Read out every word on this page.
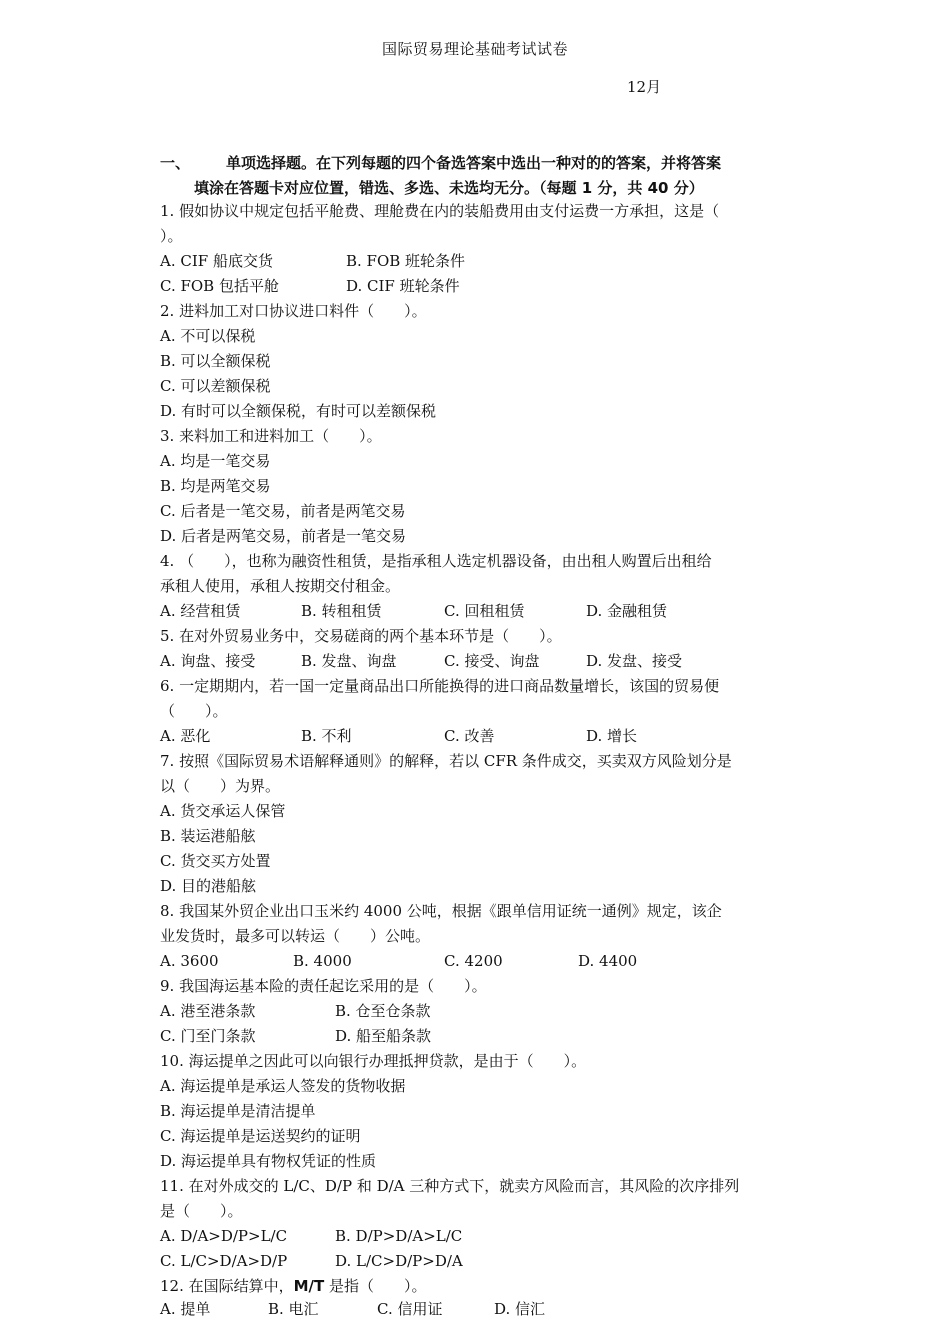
国际贸易理论基础考试试卷
12月
一、 单项选择题。在下列每题的四个备选答案中选出一种对的的答案，并将答案
填涂在答题卡对应位置，错选、多选、未选均无分。（每题 1 分，共 40 分）
1. 假如协议中规定包括平舱费、理舱费在内的装船费用由支付运费一方承担，这是（
）。
A. CIF 船底交货	B. FOB 班轮条件
C. FOB 包括平舱	D. CIF 班轮条件
2. 进料加工对口协议进口料件（　　）。
A. 不可以保税
B. 可以全额保税
C. 可以差额保税
D. 有时可以全额保税，有时可以差额保税
3. 来料加工和进料加工（　　）。
A. 均是一笔交易
B. 均是两笔交易
C. 后者是一笔交易，前者是两笔交易
D. 后者是两笔交易，前者是一笔交易
4. （　　），也称为融资性租赁，是指承租人选定机器设备，由出租人购置后出租给
承租人使用，承租人按期交付租金。
A. 经营租赁	B. 转租租赁	C. 回租租赁	D. 金融租赁
5. 在对外贸易业务中，交易磋商的两个基本环节是（　　）。
A. 询盘、接受	B. 发盘、询盘	C. 接受、询盘	D. 发盘、接受
6. 一定期期内，若一国一定量商品出口所能换得的进口商品数量增长，该国的贸易便
（　　）。
A. 恶化	B. 不利	C. 改善	D. 增长
7. 按照《国际贸易术语解释通则》的解释，若以 CFR 条件成交，买卖双方风险划分是
以（　　）为界。
A. 货交承运人保管
B. 装运港船舷
C. 货交买方处置
D. 目的港船舷
8. 我国某外贸企业出口玉米约 4000 公吨，根据《跟单信用证统一通例》规定，该企
业发货时，最多可以转运（　　）公吨。
A. 3600	B. 4000	C. 4200	D. 4400
9. 我国海运基本险的责任起讫采用的是（　　）。
A. 港至港条款	B. 仓至仓条款
C. 门至门条款	D. 船至船条款
10. 海运提单之因此可以向银行办理抵押贷款，是由于（　　）。
A. 海运提单是承运人签发的货物收据
B. 海运提单是清洁提单
C. 海运提单是运送契约的证明
D. 海运提单具有物权凭证的性质
11. 在对外成交的 L/C、D/P 和 D/A 三种方式下，就卖方风险而言，其风险的次序排列
是（　　）。
A. D/A>D/P>L/C	B. D/P>D/A>L/C
C. L/C>D/A>D/P	D. L/C>D/P>D/A
12. 在国际结算中，M/T 是指（　　）。
A. 提单	B. 电汇	C. 信用证	D. 信汇
